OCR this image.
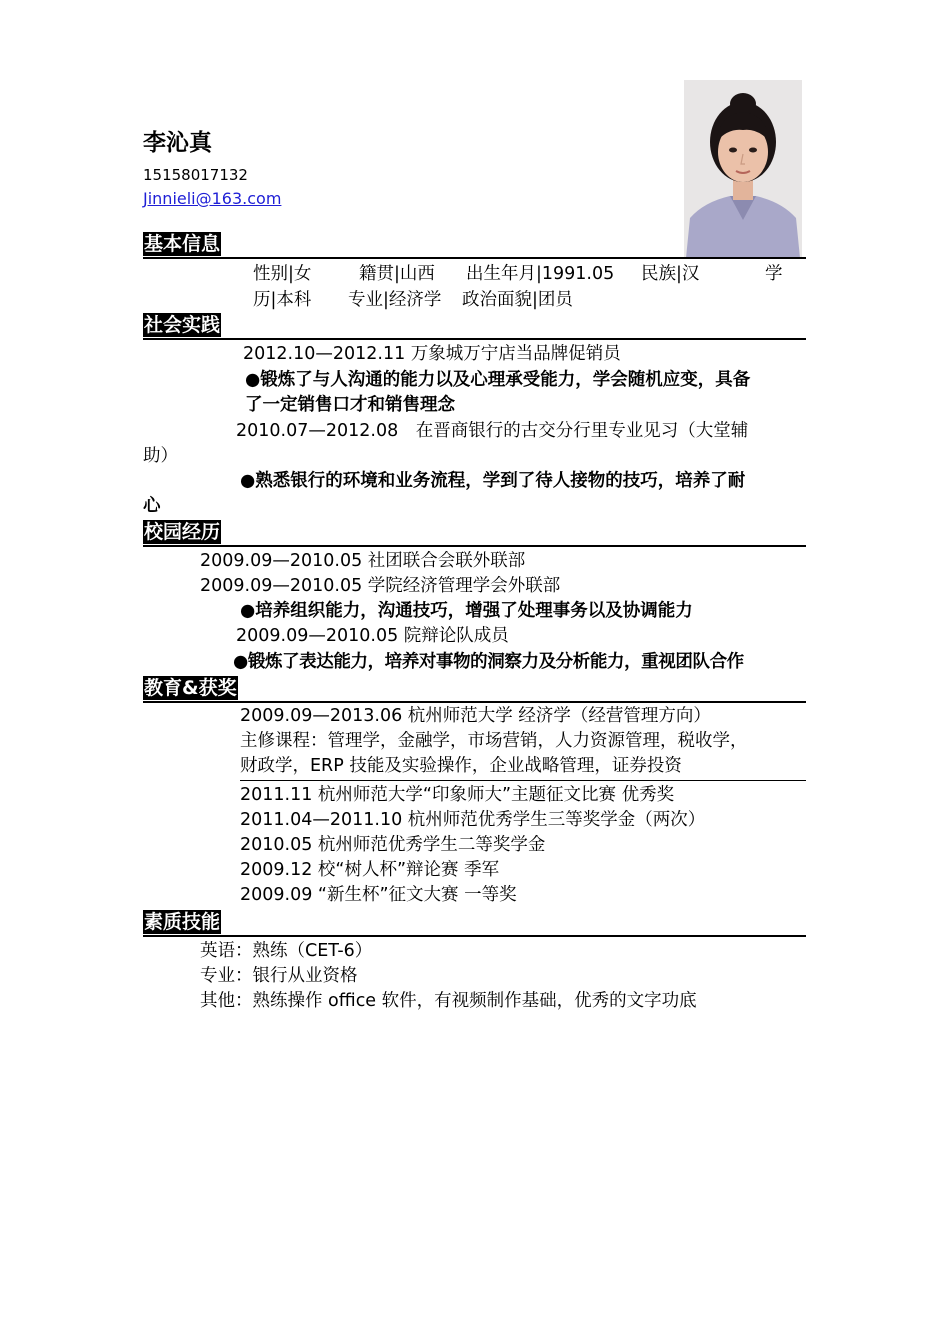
李沁真
15158017132
Jinnieli@163.com
基本信息
性别|女	籍贯|山西 出生年月|1991.05 民族|汉	学
历|本科 专业|经济学 政治面貌|团员
社会实践
2012.10—2012.11 万象城万宁店当品牌促销员
●锻炼了与人沟通的能力以及心理承受能力，学会随机应变，具备
了一定销售口才和销售理念
2010.07—2012.08　在晋商银行的古交分行里专业见习（大堂辅
助）
●熟悉银行的环境和业务流程，学到了待人接物的技巧，培养了耐
心
校园经历
2009.09—2010.05 社团联合会联外联部
2009.09—2010.05 学院经济管理学会外联部
●培养组织能力，沟通技巧，增强了处理事务以及协调能力
2009.09—2010.05 院辩论队成员
●锻炼了表达能力，培养对事物的洞察力及分析能力，重视团队合作
教育&获奖
2009.09—2013.06 杭州师范大学 经济学（经营管理方向）
主修课程：管理学，金融学，市场营销，人力资源管理，税收学，
财政学，ERP 技能及实验操作，企业战略管理，证券投资
2011.11 杭州师范大学“印象师大”主题征文比赛 优秀奖
2011.04—2011.10 杭州师范优秀学生三等奖学金（两次）
2010.05 杭州师范优秀学生二等奖学金
2009.12 校“树人杯”辩论赛 季军
2009.09 “新生杯”征文大赛 一等奖
素质技能
英语：熟练（CET-6）
专业：银行从业资格
其他：熟练操作 office 软件，有视频制作基础，优秀的文字功底
